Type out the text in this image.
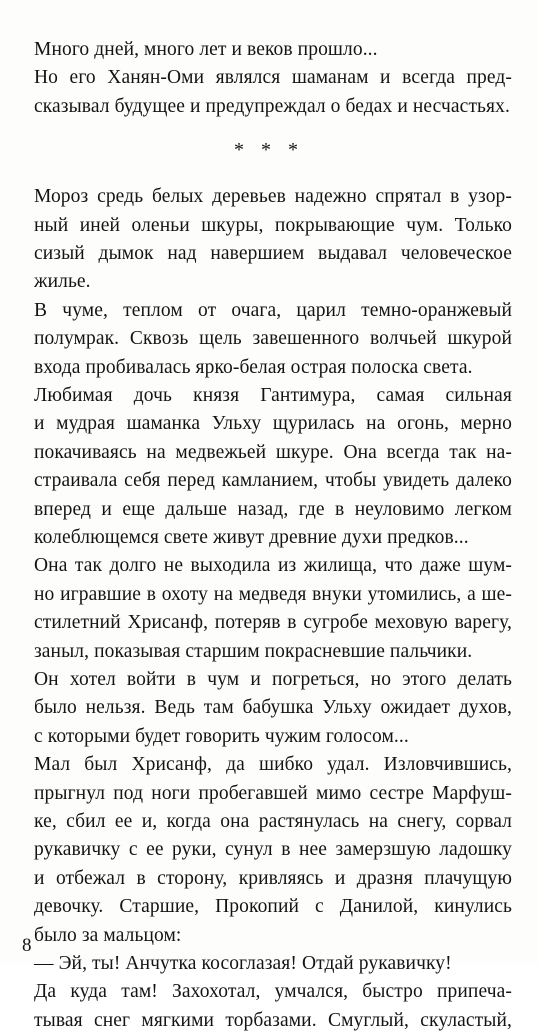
* * *
8
Много дней, много лет и веков прошло...
Но его Ханян-Оми являлся шаманам и всегда пред-
сказывал будущее и предупреждал о бедах и несчастьях.
Мороз средь белых деревьев надежно спрятал в узор-
ный иней оленьи шкуры, покрывающие чум. Только
сизый дымок над навершием выдавал человеческое
жилье.
В чуме, теплом от очага, царил темно-оранжевый
полумрак. Сквозь щель завешенного волчьей шкурой
входа пробивалась ярко-белая острая полоска света.
Любимая дочь князя Гантимура, самая сильная
и мудрая шаманка Ульху щурилась на огонь, мерно
покачиваясь на медвежьей шкуре. Она всегда так на-
страивала себя перед камланием, чтобы увидеть далеко
вперед и еще дальше назад, где в неуловимо легком
колеблющемся свете живут древние духи предков...
Она так долго не выходила из жилища, что даже шум-
но игравшие в охоту на медведя внуки утомились, а ше-
стилетний Хрисанф, потеряв в сугробе меховую варегу,
заныл, показывая старшим покрасневшие пальчики.
Он хотел войти в чум и погреться, но этого делать
было нельзя. Ведь там бабушка Ульху ожидает духов,
с которыми будет говорить чужим голосом...
Мал был Хрисанф, да шибко удал. Изловчившись,
прыгнул под ноги пробегавшей мимо сестре Марфуш-
ке, сбил ее и, когда она растянулась на снегу, сорвал
рукавичку с ее руки, сунул в нее замерзшую ладошку
и отбежал в сторону, кривляясь и дразня плачущую
девочку. Старшие, Прокопий с Данилой, кинулись
было за мальцом:
— Эй, ты! Анчутка косоглазая! Отдай рукавичку!
Да куда там! Захохотал, умчался, быстро припеча-
тывая снег мягкими торбазами. Смуглый, скуластый,
